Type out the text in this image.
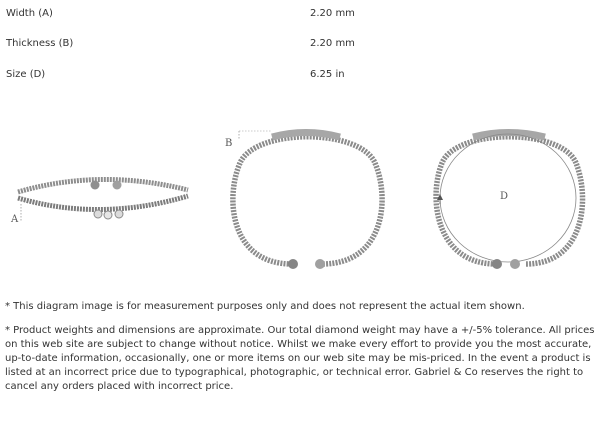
Width (A)	2.20 mm
Thickness (B)	2.20 mm
Size (D)	6.25 in
A
B
D

* This diagram image is for measurement purposes only and does not represent the actual item shown.

* Product weights and dimensions are approximate. Our total diamond weight may have a +/-5% tolerance. All prices on this web site are subject to change without notice. Whilst we make every effort to provide you the most accurate, up-to-date information, occasionally, one or more items on our web site may be mis-priced. In the event a product is listed at an incorrect price due to typographical, photographic, or technical error. Gabriel & Co reserves the right to cancel any orders placed with incorrect price.
